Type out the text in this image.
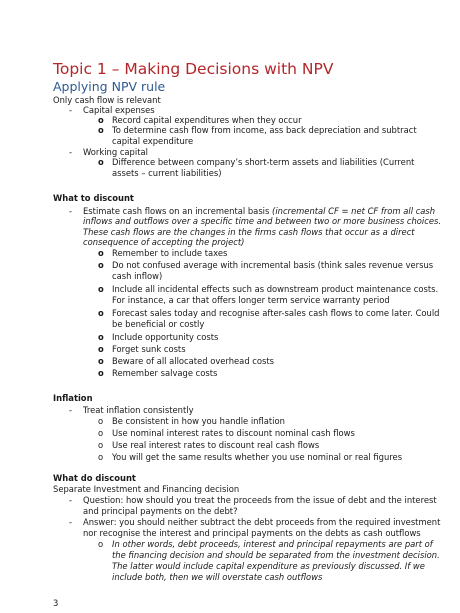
Topic 1 – Making Decisions with NPV
Applying NPV rule
Only cash flow is relevant
- Capital expenses
o Record capital expenditures when they occur
o To determine cash flow from income, ass back depreciation and subtract
capital expenditure
- Working capital
o Difference between company’s short-term assets and liabilities (Current
assets – current liabilities)
What to discount
- Estimate cash flows on an incremental basis (incremental CF = net CF from all cash
inflows and outflows over a specific time and between two or more business choices.
These cash flows are the changes in the firms cash flows that occur as a direct
consequence of accepting the project)
o Remember to include taxes
o Do not confused average with incremental basis (think sales revenue versus
cash inflow)
o Include all incidental effects such as downstream product maintenance costs.
For instance, a car that offers longer term service warranty period
o Forecast sales today and recognise after-sales cash flows to come later. Could
be beneficial or costly
o Include opportunity costs
o Forget sunk costs
o Beware of all allocated overhead costs
o Remember salvage costs
Inflation
- Treat inflation consistently
o Be consistent in how you handle inflation
o Use nominal interest rates to discount nominal cash flows
o Use real interest rates to discount real cash flows
o You will get the same results whether you use nominal or real figures
What do discount
Separate Investment and Financing decision
- Question: how should you treat the proceeds from the issue of debt and the interest
and principal payments on the debt?
- Answer: you should neither subtract the debt proceeds from the required investment
nor recognise the interest and principal payments on the debts as cash outflows
o In other words, debt proceeds, interest and principal repayments are part of
the financing decision and should be separated from the investment decision.
The latter would include capital expenditure as previously discussed. If we
include both, then we will overstate cash outflows
3
